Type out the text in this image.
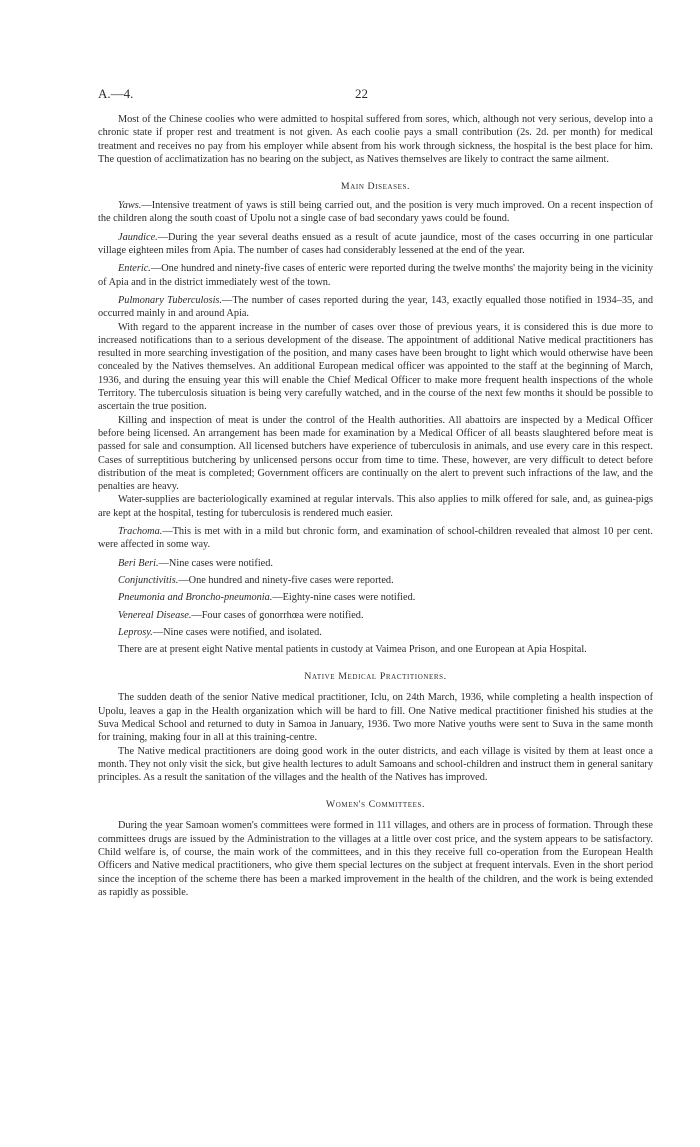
A.—4.	22

Most of the Chinese coolies who were admitted to hospital suffered from sores, which, although not very serious, develop into a chronic state if proper rest and treatment is not given. As each coolie pays a small contribution (2s. 2d. per month) for medical treatment and receives no pay from his employer while absent from his work through sickness, the hospital is the best place for him. The question of acclimatization has no bearing on the subject, as Natives themselves are likely to contract the same ailment.

Main Diseases.

Yaws.—Intensive treatment of yaws is still being carried out, and the position is very much improved. On a recent inspection of the children along the south coast of Upolu not a single case of bad secondary yaws could be found.

Jaundice.—During the year several deaths ensued as a result of acute jaundice, most of the cases occurring in one particular village eighteen miles from Apia. The number of cases had considerably lessened at the end of the year.

Enteric.—One hundred and ninety-five cases of enteric were reported during the twelve months' the majority being in the vicinity of Apia and in the district immediately west of the town.

Pulmonary Tuberculosis.—The number of cases reported during the year, 143, exactly equalled those notified in 1934–35, and occurred mainly in and around Apia.

With regard to the apparent increase in the number of cases over those of previous years, it is considered this is due more to increased notifications than to a serious development of the disease. The appointment of additional Native medical practitioners has resulted in more searching investigation of the position, and many cases have been brought to light which would otherwise have been concealed by the Natives themselves. An additional European medical officer was appointed to the staff at the beginning of March, 1936, and during the ensuing year this will enable the Chief Medical Officer to make more frequent health inspections of the whole Territory. The tuberculosis situation is being very carefully watched, and in the course of the next few months it should be possible to ascertain the true position.

Killing and inspection of meat is under the control of the Health authorities. All abattoirs are inspected by a Medical Officer before being licensed. An arrangement has been made for examination by a Medical Officer of all beasts slaughtered before meat is passed for sale and consumption. All licensed butchers have experience of tuberculosis in animals, and use every care in this respect. Cases of surreptitious butchering by unlicensed persons occur from time to time. These, however, are very difficult to detect before distribution of the meat is completed; Government officers are continually on the alert to prevent such infractions of the law, and the penalties are heavy.

Water-supplies are bacteriologically examined at regular intervals. This also applies to milk offered for sale, and, as guinea-pigs are kept at the hospital, testing for tuberculosis is rendered much easier.

Trachoma.—This is met with in a mild but chronic form, and examination of school-children revealed that almost 10 per cent. were affected in some way.

Beri Beri.—Nine cases were notified.

Conjunctivitis.—One hundred and ninety-five cases were reported.

Pneumonia and Broncho-pneumonia.—Eighty-nine cases were notified.

Venereal Disease.—Four cases of gonorrhœa were notified.

Leprosy.—Nine cases were notified, and isolated.

There are at present eight Native mental patients in custody at Vaimea Prison, and one European at Apia Hospital.

Native Medical Practitioners.

The sudden death of the senior Native medical practitioner, Iclu, on 24th March, 1936, while completing a health inspection of Upolu, leaves a gap in the Health organization which will be hard to fill. One Native medical practitioner finished his studies at the Suva Medical School and returned to duty in Samoa in January, 1936. Two more Native youths were sent to Suva in the same month for training, making four in all at this training-centre.

The Native medical practitioners are doing good work in the outer districts, and each village is visited by them at least once a month. They not only visit the sick, but give health lectures to adult Samoans and school-children and instruct them in general sanitary principles. As a result the sanitation of the villages and the health of the Natives has improved.

Women's Committees.

During the year Samoan women's committees were formed in 111 villages, and others are in process of formation. Through these committees drugs are issued by the Administration to the villages at a little over cost price, and the system appears to be satisfactory. Child welfare is, of course, the main work of the committees, and in this they receive full co-operation from the European Health Officers and Native medical practitioners, who give them special lectures on the subject at frequent intervals. Even in the short period since the inception of the scheme there has been a marked improvement in the health of the children, and the work is being extended as rapidly as possible.
